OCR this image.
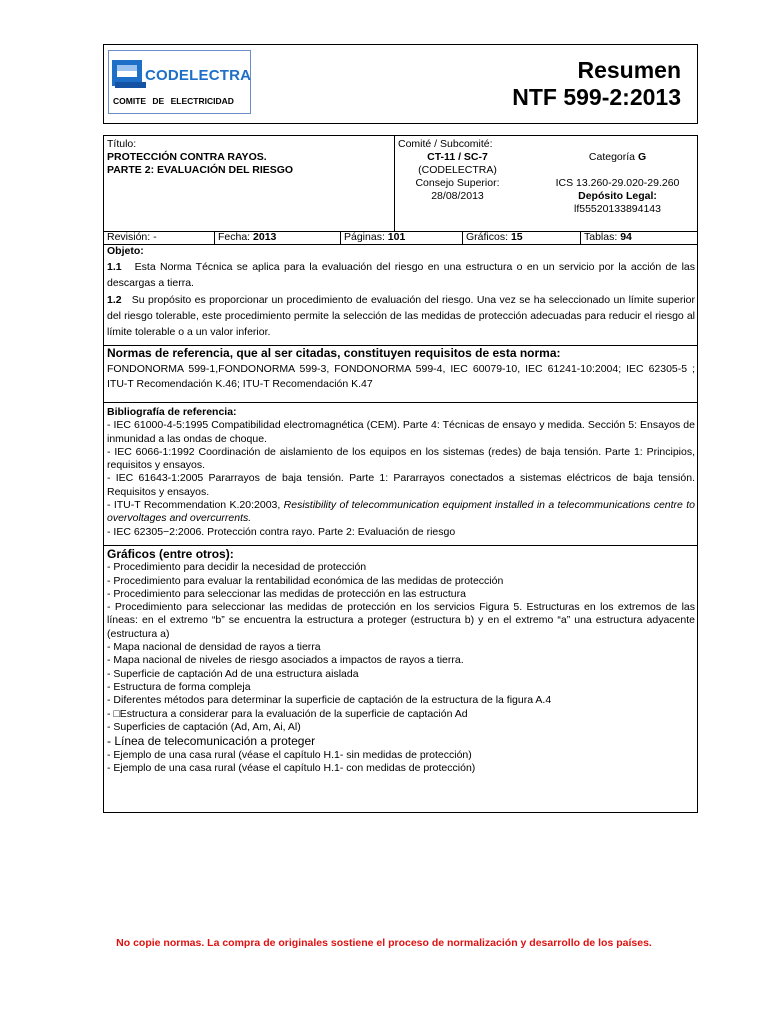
CODELECTRA
COMITE DE ELECTRICIDAD
Resumen
NTF 599-2:2013
Título:
PROTECCIÓN CONTRA RAYOS.
PARTE 2: EVALUACIÓN DEL RIESGO
Comité / Subcomité:
CT-11 / SC-7
(CODELECTRA)
Consejo Superior:
28/08/2013
Categoría G
ICS 13.260-29.020-29.260
Depósito Legal:
lf55520133894143
Revisión: -	Fecha: 2013	Páginas: 101	Gráficos: 15	Tablas: 94
Objeto:
1.1 Esta Norma Técnica se aplica para la evaluación del riesgo en una estructura o en un servicio por la acción de las descargas a tierra.
1.2 Su propósito es proporcionar un procedimiento de evaluación del riesgo. Una vez se ha seleccionado un límite superior del riesgo tolerable, este procedimiento permite la selección de las medidas de protección adecuadas para reducir el riesgo al límite tolerable o a un valor inferior.
Normas de referencia, que al ser citadas, constituyen requisitos de esta norma:
FONDONORMA 599-1,FONDONORMA 599-3, FONDONORMA 599-4, IEC 60079-10, IEC 61241-10:2004; IEC 62305-5 ; ITU-T Recomendación K.46; ITU-T Recomendación K.47
Bibliografía de referencia:
- IEC 61000-4-5:1995 Compatibilidad electromagnética (CEM). Parte 4: Técnicas de ensayo y medida. Sección 5: Ensayos de inmunidad a las ondas de choque.
- IEC 6066-1:1992 Coordinación de aislamiento de los equipos en los sistemas (redes) de baja tensión. Parte 1: Principios, requisitos y ensayos.
- IEC 61643-1:2005 Pararrayos de baja tensión. Parte 1: Pararrayos conectados a sistemas eléctricos de baja tensión. Requisitos y ensayos.
- ITU-T Recommendation K.20:2003, Resistibility of telecommunication equipment installed in a telecommunications centre to overvoltages and overcurrents.
- IEC 62305−2:2006. Protección contra rayo. Parte 2: Evaluación de riesgo
Gráficos (entre otros):
- Procedimiento para decidir la necesidad de protección
- Procedimiento para evaluar la rentabilidad económica de las medidas de protección
- Procedimiento para seleccionar las medidas de protección en las estructura
- Procedimiento para seleccionar las medidas de protección en los servicios Figura 5. Estructuras en los extremos de las líneas: en el extremo “b” se encuentra la estructura a proteger (estructura b) y en el extremo “a” una estructura adyacente (estructura a)
- Mapa nacional de densidad de rayos a tierra
- Mapa nacional de niveles de riesgo asociados a impactos de rayos a tierra.
- Superficie de captación Ad de una estructura aislada
- Estructura de forma compleja
- Diferentes métodos para determinar la superficie de captación de la estructura de la figura A.4
- □Estructura a considerar para la evaluación de la superficie de captación Ad
- Superficies de captación (Ad, Am, Ai, Al)
- Línea de telecomunicación a proteger
- Ejemplo de una casa rural (véase el capítulo H.1- sin medidas de protección)
- Ejemplo de una casa rural (véase el capítulo H.1- con medidas de protección)
No copie normas. La compra de originales sostiene el proceso de normalización y desarrollo de los países.
